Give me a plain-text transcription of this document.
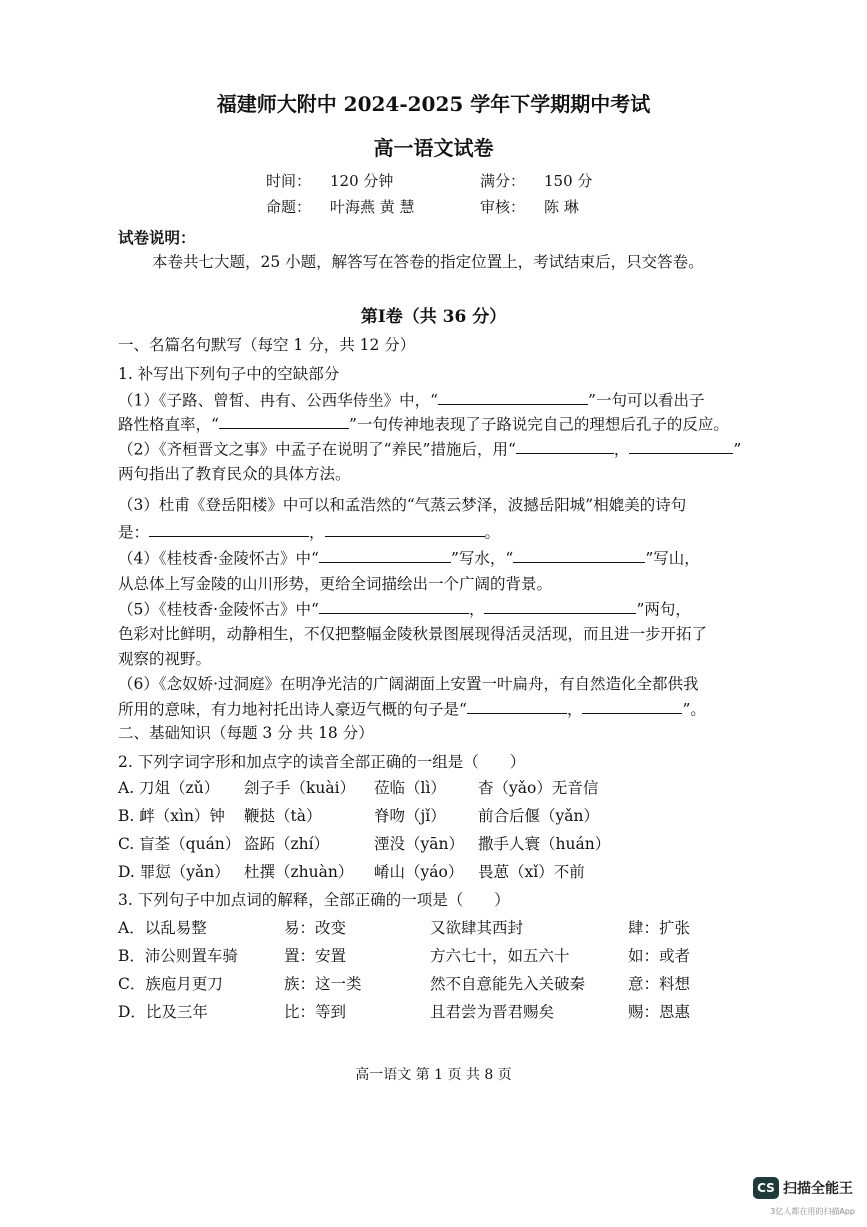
福建师大附中 2024-2025 学年下学期期中考试
高一语文试卷
时间： 120 分钟	满分： 150 分
命题： 叶海燕 黄 慧	审核： 陈 琳
试卷说明：
本卷共七大题，25 小题，解答写在答卷的指定位置上，考试结束后，只交答卷。
第Ⅰ卷（共 36 分）
一、名篇名句默写（每空 1 分，共 12 分）
1. 补写出下列句子中的空缺部分
（1）《子路、曾皙、冉有、公西华侍坐》中，“	”一句可以看出子
路性格直率，“	”一句传神地表现了子路说完自己的理想后孔子的反应。
（2）《齐桓晋文之事》中孟子在说明了“养民”措施后，用“	，	”
两句指出了教育民众的具体方法。
（3）杜甫《登岳阳楼》中可以和孟浩然的“气蒸云梦泽，波撼岳阳城”相媲美的诗句
是：	，	。
（4）《桂枝香·金陵怀古》中“	”写水，“	”写山，
从总体上写金陵的山川形势，更给全词描绘出一个广阔的背景。
（5）《桂枝香·金陵怀古》中“	，	”两句，
色彩对比鲜明，动静相生，不仅把整幅金陵秋景图展现得活灵活现，而且进一步开拓了
观察的视野。
（6）《念奴娇·过洞庭》在明净光洁的广阔湖面上安置一叶扁舟，有自然造化全都供我
所用的意味，有力地衬托出诗人豪迈气概的句子是“	，	”。
二、基础知识（每题 3 分 共 18 分）
2. 下列字词字形和加点字的读音全部正确的一组是（　　）
A. 刀俎（zǔ） 刽子手（kuài） 莅临（lì） 杳（yǎo）无音信
B. 衅（xìn）钟 鞭挞（tà）	脊吻（jǐ） 前合后偃（yǎn）
C. 盲荃（quán） 盗跖（zhí）	湮没（yān） 撒手人寰（huán）
D. 罪愆（yǎn） 杜撰（zhuàn） 崤山（yáo） 畏葸（xǐ）不前
3. 下列句子中加点词的解释，全部正确的一项是（　　）
A．以乱易整	易：改变	又欲肆其西封	肆：扩张
B．沛公则置车骑	置：安置	方六七十，如五六十	如：或者
C．族庖月更刀	族：这一类	然不自意能先入关破秦	意：料想
D．比及三年	比：等到	且君尝为晋君赐矣	赐：恩惠
高一语文 第 1 页 共 8 页
CS 扫描全能王
3亿人都在用的扫描App
